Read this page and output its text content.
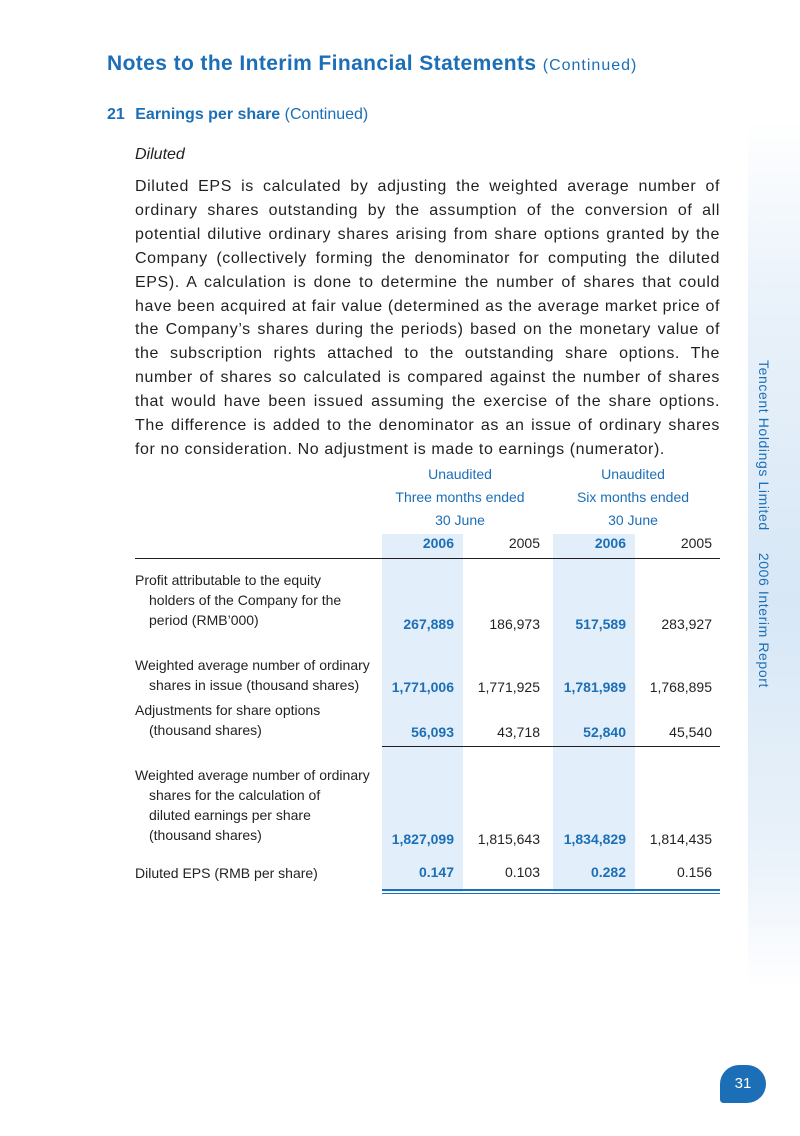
Notes to the Interim Financial Statements (Continued)
21 Earnings per share (Continued)
Diluted

Diluted EPS is calculated by adjusting the weighted average number of ordinary shares outstanding by the assumption of the conversion of all potential dilutive ordinary shares arising from share options granted by the Company (collectively forming the denominator for computing the diluted EPS). A calculation is done to determine the number of shares that could have been acquired at fair value (determined as the average market price of the Company’s shares during the periods) based on the monetary value of the subscription rights attached to the outstanding share options. The number of shares so calculated is compared against the number of shares that would have been issued assuming the exercise of the share options. The difference is added to the denominator as an issue of ordinary shares for no consideration. No adjustment is made to earnings (numerator).

Unaudited
Three months ended
30 June
Unaudited
Six months ended
30 June
2006	2005	2006	2005
Profit attributable to the equity
holders of the Company for the
period (RMB’000)	267,889	186,973	517,589	283,927
Weighted average number of ordinary
shares in issue (thousand shares)	1,771,006	1,771,925	1,781,989	1,768,895
Adjustments for share options
(thousand shares)	56,093	43,718	52,840	45,540
Weighted average number of ordinary
shares for the calculation of
diluted earnings per share
(thousand shares)	1,827,099	1,815,643	1,834,829	1,814,435
Diluted EPS (RMB per share)	0.147	0.103	0.282	0.156
Tencent Holdings Limited2006 Interim Report
31
